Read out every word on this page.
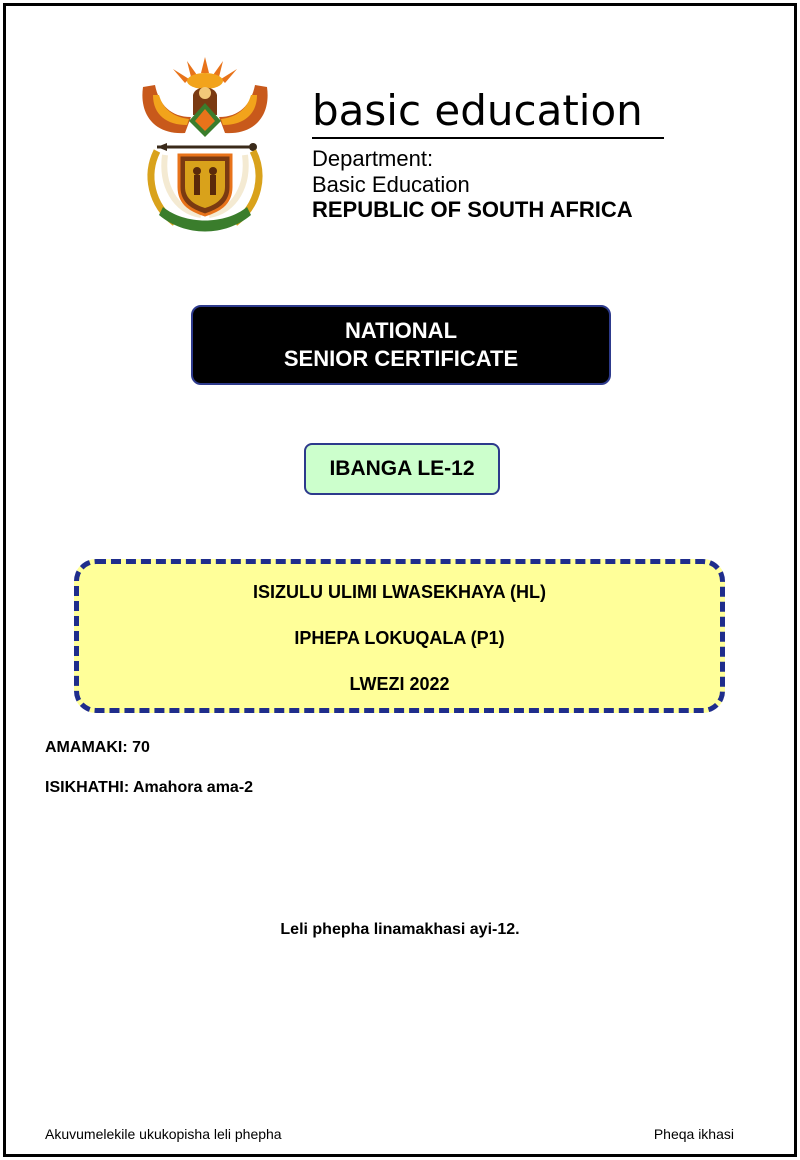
basic education
Department:
Basic Education
REPUBLIC OF SOUTH AFRICA
NATIONAL
SENIOR CERTIFICATE
IBANGA LE-12
ISIZULU ULIMI LWASEKHAYA (HL)
IPHEPA LOKUQALA (P1)
LWEZI 2022
AMAMAKI: 70
ISIKHATHI: Amahora ama-2
Leli phepha linamakhasi ayi-12.
Akuvumelekile ukukopisha leli phepha	Pheqa ikhasi
